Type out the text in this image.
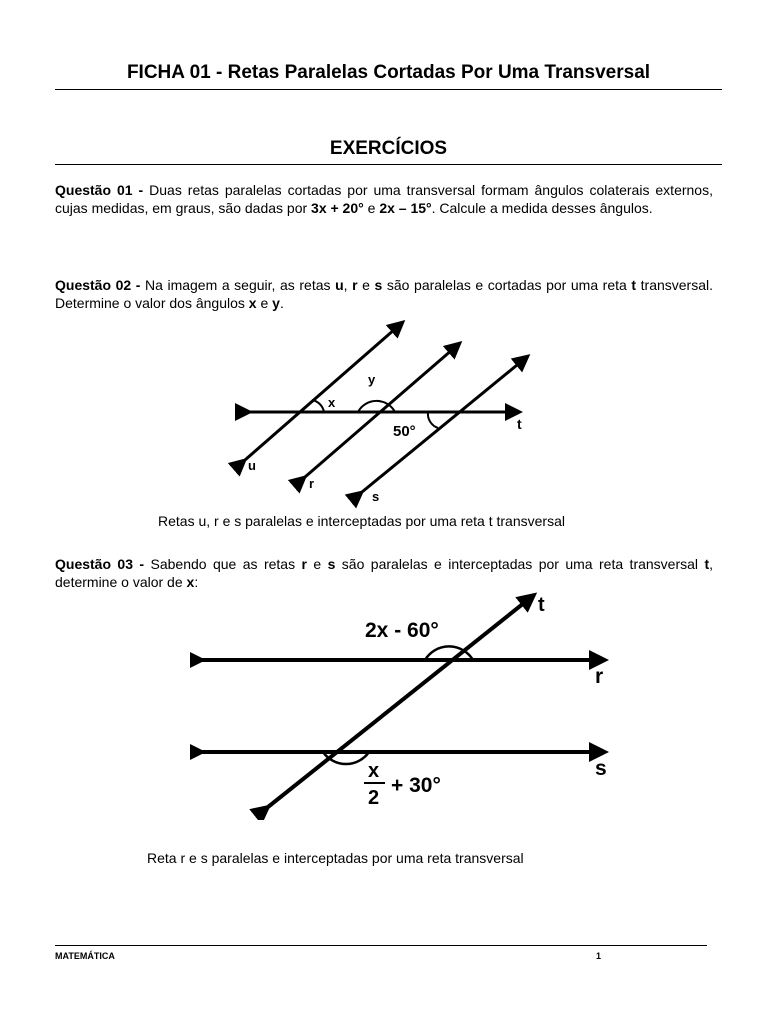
FICHA 01 - Retas Paralelas Cortadas Por Uma Transversal
EXERCÍCIOS

Questão 01 - Duas retas paralelas cortadas por uma transversal formam ângulos colaterais externos, cujas medidas, em graus, são dadas por 3x + 20° e 2x – 15°. Calcule a medida desses ângulos.

Questão 02 - Na imagem a seguir, as retas u, r e s são paralelas e cortadas por uma reta t transversal. Determine o valor dos ângulos x e y.

x
y
50°	t
u
r
s

Retas u, r e s paralelas e interceptadas por uma reta t transversal

Questão 03 - Sabendo que as retas r e s são paralelas e interceptadas por uma reta transversal t, determine o valor de x:

2x - 60°
x
2
+ 30°
t
r
s

Reta r e s paralelas e interceptadas por uma reta transversal

MATEMÁTICA	1
